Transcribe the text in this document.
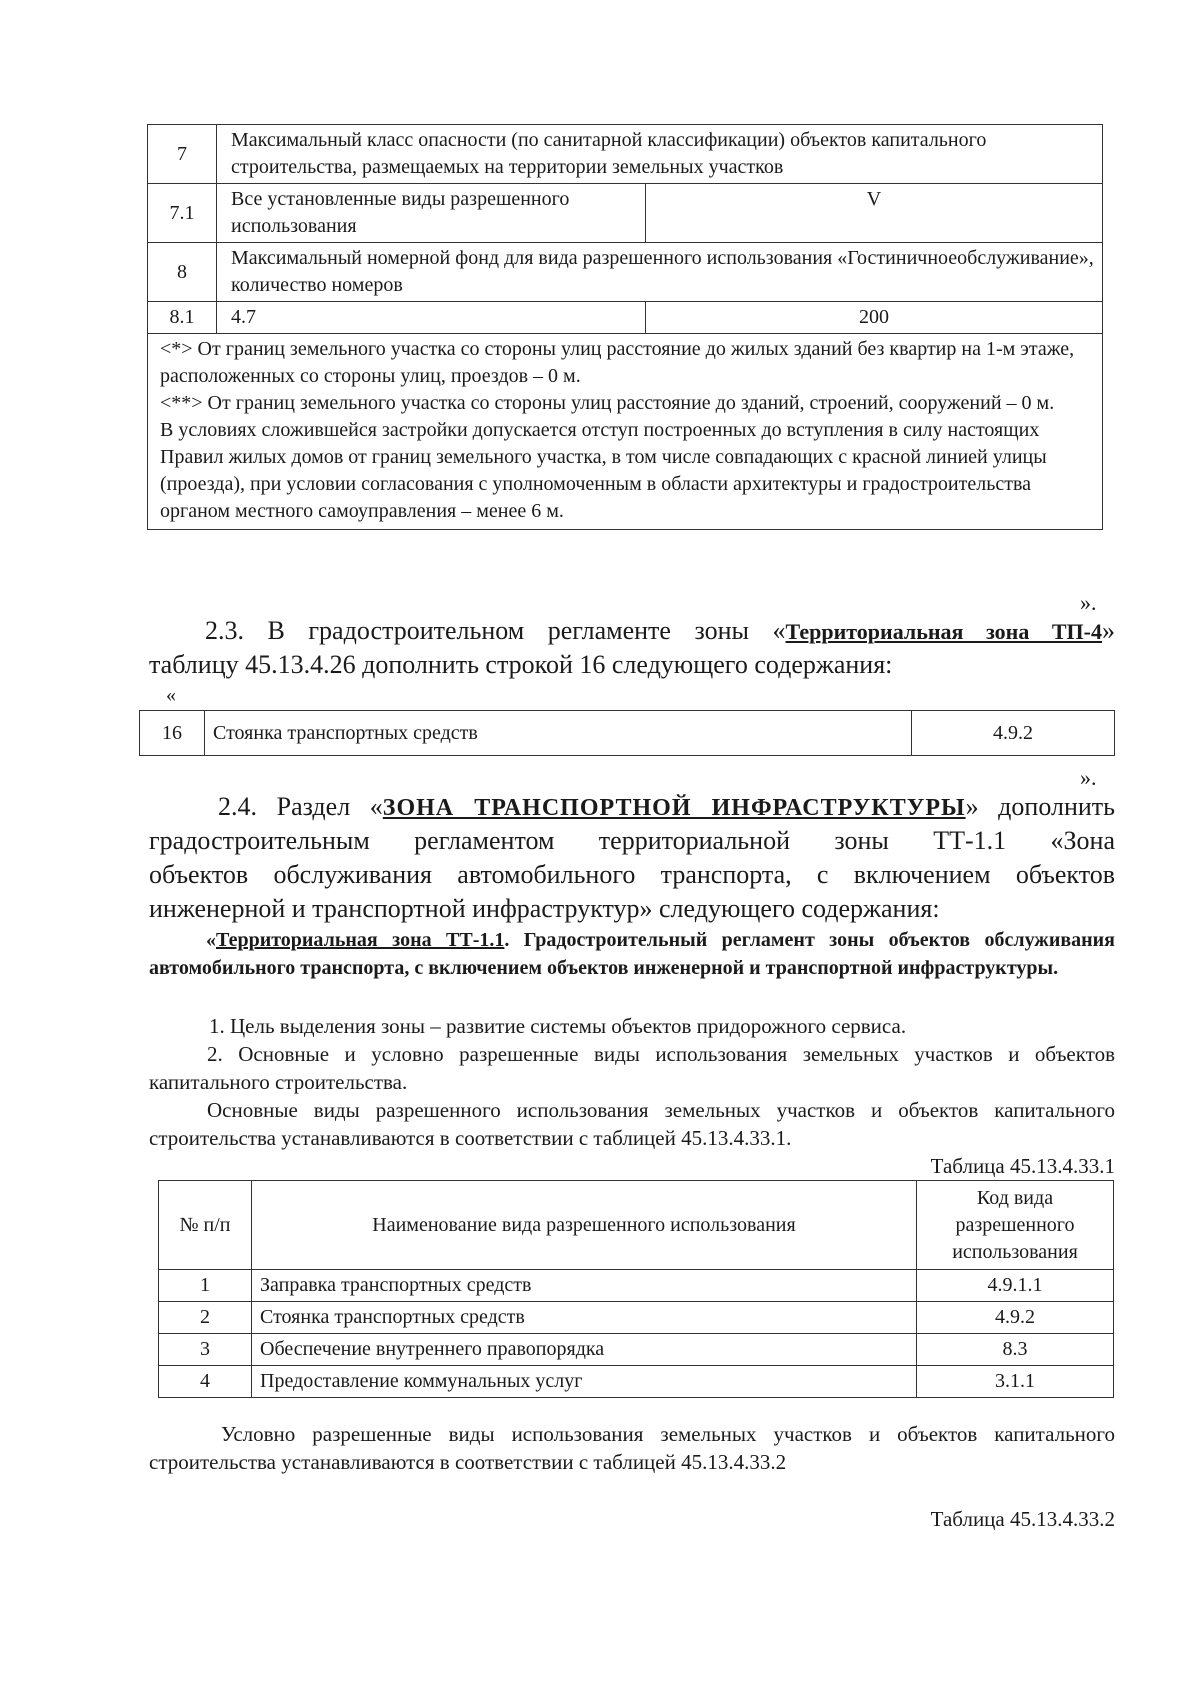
7	Максимальный класс опасности (по санитарной классификации) объектов капитального строительства, размещаемых на территории земельных участков	
7.1	Все установленные виды разрешенного использования	V
8	Максимальный номерной фонд для вида разрешенного использования «Гостиничноеобслуживание», количество номеров	
8.1	4.7	200

<*> От границ земельного участка со стороны улиц расстояние до жилых зданий без квартир на 1-м этаже, расположенных со стороны улиц, проездов – 0 м.

<**> От границ земельного участка со стороны улиц расстояние до зданий, строений, сооружений – 0 м.

В условиях сложившейся застройки допускается отступ построенных до вступления в силу настоящих Правил жилых домов от границ земельного участка, в том числе совпадающих с красной линией улицы (проезда), при условии согласования с уполномоченным в области архитектуры и градостроительства органом местного самоуправления – менее 6 м.		

».

2.3. В градостроительном регламенте зоны «Территориальная зона ТП-4»

таблицу 45.13.4.26 дополнить строкой 16 следующего содержания:

«
16	Стоянка транспортных средств	4.9.2
».

2.4. Раздел «ЗОНА ТРАНСПОРТНОЙ ИНФРАСТРУКТУРЫ» дополнить

градостроительным регламентом территориальной зоны ТТ-1.1 «Зона

объектов обслуживания автомобильного транспорта, с включением объектов

инженерной и транспортной инфраструктур» следующего содержания:

«Территориальная зона ТТ-1.1. Градостроительный регламент зоны объектов обслуживания автомобильного транспорта, с включением объектов инженерной и транспортной инфраструктуры.

1. Цель выделения зоны – развитие системы объектов придорожного сервиса.

2. Основные и условно разрешенные виды использования земельных участков и объектов капитального строительства.

Основные виды разрешенного использования земельных участков и объектов капитального строительства устанавливаются в соответствии с таблицей 45.13.4.33.1.

Таблица 45.13.4.33.1

№ п/п	Наименование вида разрешенного использования	Код вида разрешенного использования
1	Заправка транспортных средств	4.9.1.1
2	Стоянка транспортных средств	4.9.2
3	Обеспечение внутреннего правопорядка	8.3
4	Предоставление коммунальных услуг	3.1.1

Условно разрешенные виды использования земельных участков и объектов капитального строительства устанавливаются в соответствии с таблицей 45.13.4.33.2

Таблица 45.13.4.33.2
